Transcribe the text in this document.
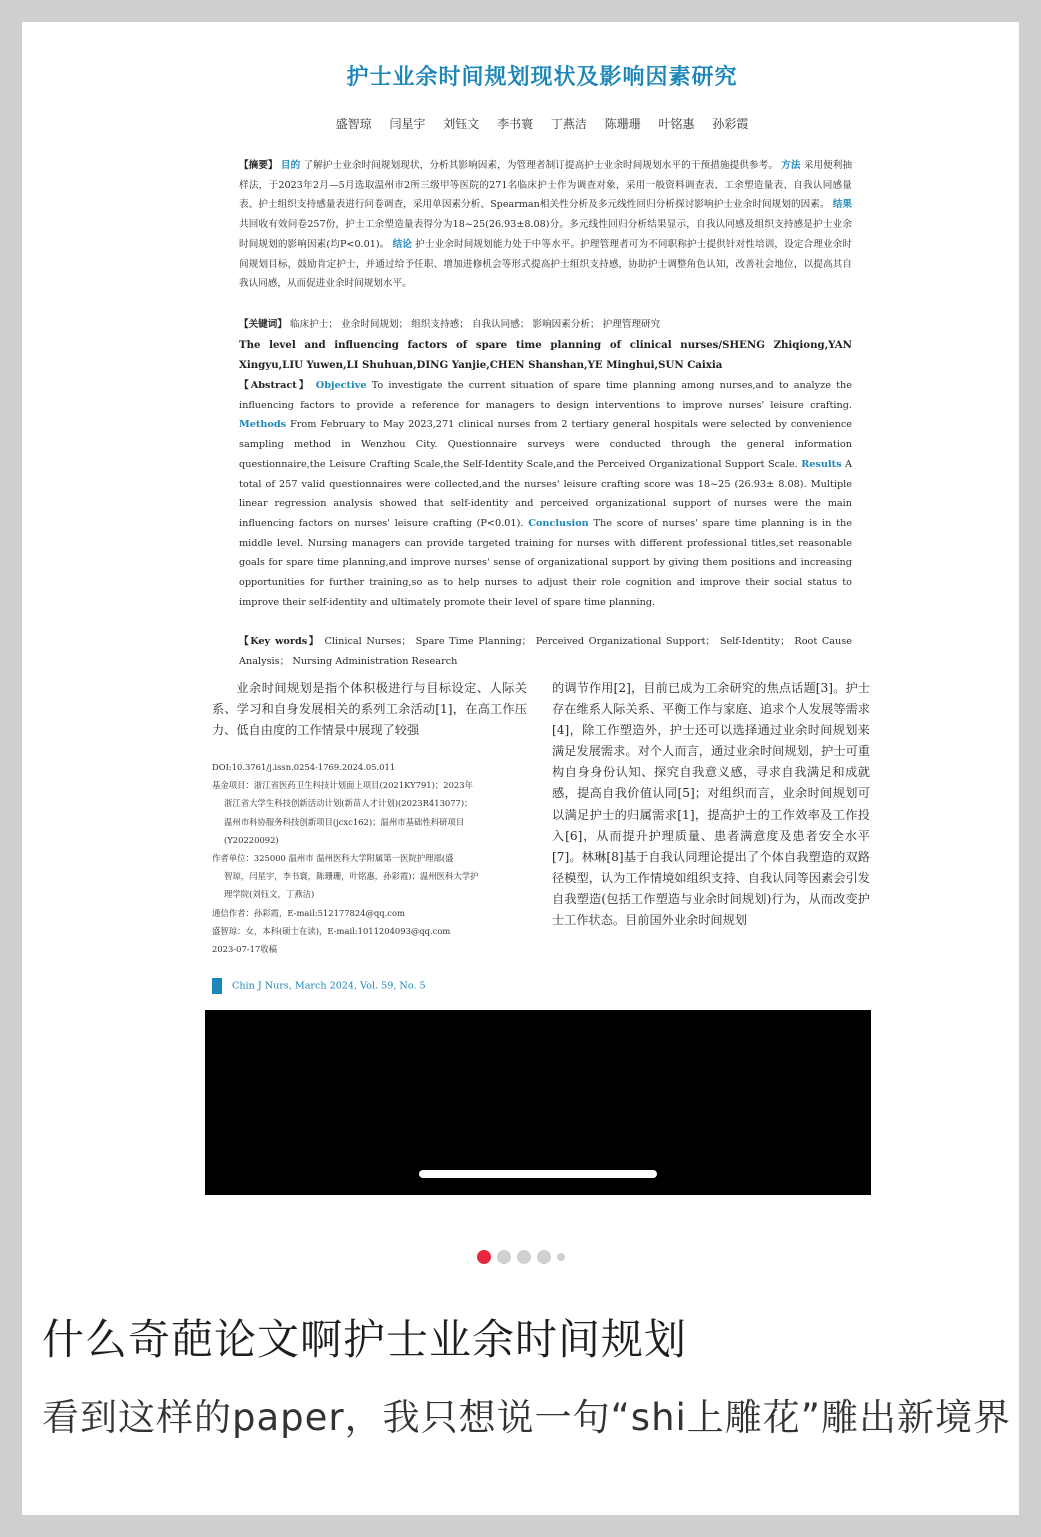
护士业余时间规划现状及影响因素研究
盛智琼 闫星宇 刘钰文 李书寰 丁燕洁 陈珊珊 叶铭惠 孙彩霞
【摘要】 目的 了解护士业余时间规划现状，分析其影响因素，为管理者制订提高护士业余时间规划水平的干预措施提供参考。 方法 采用便利抽样法，于2023年2月—5月选取温州市2所三级甲等医院的271名临床护士作为调查对象，采用一般资料调查表、工余塑造量表、自我认同感量表、护士组织支持感量表进行问卷调查，采用单因素分析、Spearman相关性分析及多元线性回归分析探讨影响护士业余时间规划的因素。 结果 共回收有效问卷257份，护士工余塑造量表得分为18~25(26.93±8.08)分。多元线性回归分析结果显示，自我认同感及组织支持感是护士业余时间规划的影响因素(均P<0.01)。 结论 护士业余时间规划能力处于中等水平。护理管理者可为不同职称护士提供针对性培训，设定合理业余时间规划目标，鼓励肯定护士，并通过给予任职、增加进修机会等形式提高护士组织支持感，协助护士调整角色认知，改善社会地位，以提高其自我认同感，从而促进业余时间规划水平。
【关键词】 临床护士； 业余时间规划； 组织支持感； 自我认同感； 影响因素分析； 护理管理研究
The level and influencing factors of spare time planning of clinical nurses/SHENG Zhiqiong,YAN Xingyu,LIU Yuwen,LI Shuhuan,DING Yanjie,CHEN Shanshan,YE Minghui,SUN Caixia
【Abstract】 Objective To investigate the current situation of spare time planning among nurses,and to analyze the influencing factors to provide a reference for managers to design interventions to improve nurses' leisure crafting. Methods From February to May 2023,271 clinical nurses from 2 tertiary general hospitals were selected by convenience sampling method in Wenzhou City. Questionnaire surveys were conducted through the general information questionnaire,the Leisure Crafting Scale,the Self-Identity Scale,and the Perceived Organizational Support Scale. Results A total of 257 valid questionnaires were collected,and the nurses' leisure crafting score was 18~25 (26.93± 8.08). Multiple linear regression analysis showed that self-identity and perceived organizational support of nurses were the main influencing factors on nurses' leisure crafting (P<0.01). Conclusion The score of nurses' spare time planning is in the middle level. Nursing managers can provide targeted training for nurses with different professional titles,set reasonable goals for spare time planning,and improve nurses' sense of organizational support by giving them positions and increasing opportunities for further training,so as to help nurses to adjust their role cognition and improve their social status to improve their self-identity and ultimately promote their level of spare time planning.
【Key words】 Clinical Nurses； Spare Time Planning； Perceived Organizational Support； Self-Identity； Root Cause Analysis； Nursing Administration Research
业余时间规划是指个体积极进行与目标设定、人际关系、学习和自身发展相关的系列工余活动[1]，在高工作压力、低自由度的工作情景中展现了较强
DOI:10.3761/j.issn.0254-1769.2024.05.011
基金项目：浙江省医药卫生科技计划面上项目(2021KY791)；2023年
浙江省大学生科技创新活动计划(新苗人才计划)(2023R413077)；
温州市科协服务科技创新项目(jcxc162)；温州市基础性科研项目
(Y20220092)
作者单位：325000 温州市 温州医科大学附属第一医院护理部(盛
智琼，闫星宇，李书寰，陈珊珊，叶铭惠，孙彩霞)；温州医科大学护
理学院(刘钰文，丁燕洁)
通信作者：孙彩霞，E-mail:512177824@qq.com
盛智琼：女，本科(硕士在读)，E-mail:1011204093@qq.com
2023-07-17收稿
的调节作用[2]，目前已成为工余研究的焦点话题[3]。护士存在维系人际关系、平衡工作与家庭、追求个人发展等需求[4]，除工作塑造外，护士还可以选择通过业余时间规划来满足发展需求。对个人而言，通过业余时间规划，护士可重构自身身份认知、探究自我意义感，寻求自我满足和成就感，提高自我价值认同[5]；对组织而言，业余时间规划可以满足护士的归属需求[1]，提高护士的工作效率及工作投入[6]，从而提升护理质量、患者满意度及患者安全水平[7]。林琳[8]基于自我认同理论提出了个体自我塑造的双路径模型，认为工作情境如组织支持、自我认同等因素会引发自我塑造(包括工作塑造与业余时间规划)行为，从而改变护士工作状态。目前国外业余时间规划
Chin J Nurs, March 2024, Vol. 59, No. 5
什么奇葩论文啊护士业余时间规划
看到这样的paper，我只想说一句“shi上雕花”雕出新境界
